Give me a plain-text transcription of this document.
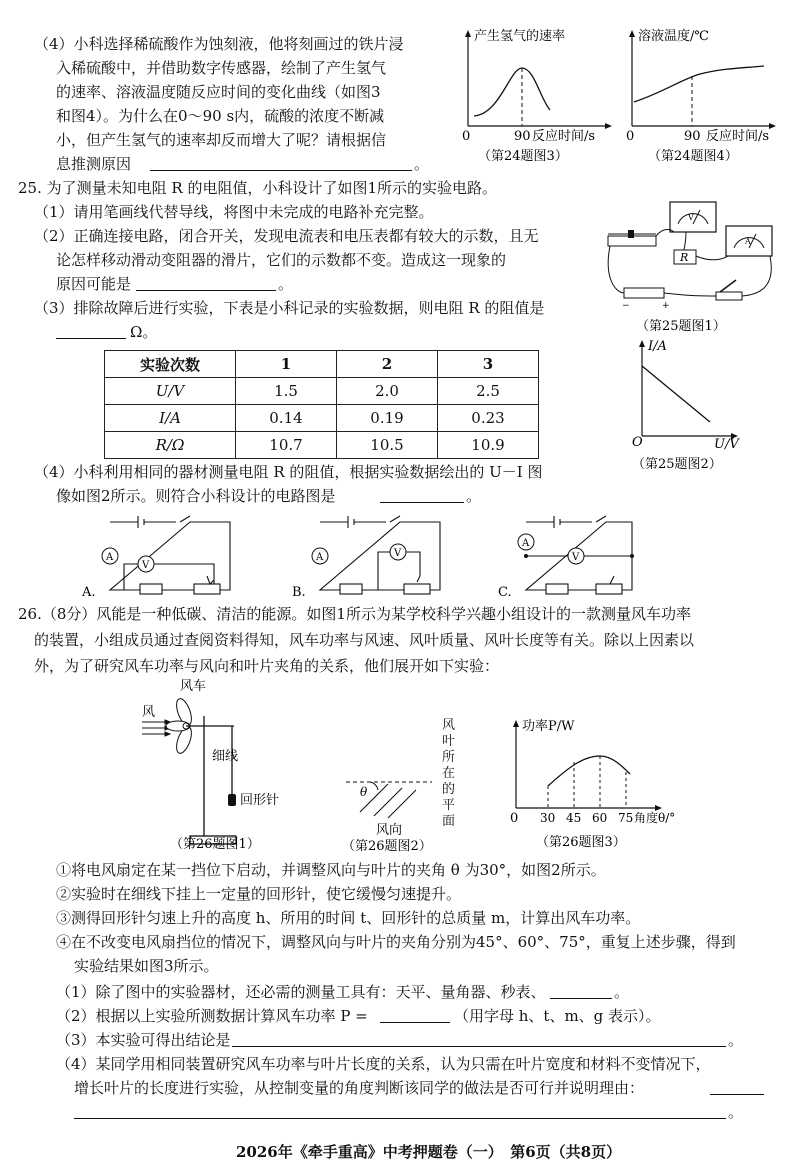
（4）小科选择稀硫酸作为蚀刻液，他将刻画过的铁片浸
入稀硫酸中，并借助数字传感器，绘制了产生氢气
的速率、溶液温度随反应时间的变化曲线（如图3
和图4）。为什么在0～90 s内，硫酸的浓度不断减
小，但产生氢气的速率却反而增大了呢？请根据信
息推测原因	。
产生氢气的速率
0	90 反应时间/s
（第24题图3）
溶液温度/℃
0	90 反应时间/s
（第24题图4）
25. 为了测量未知电阻 R 的电阻值，小科设计了如图1所示的实验电路。
（1）请用笔画线代替导线，将图中未完成的电路补充完整。
（2）正确连接电路，闭合开关，发现电流表和电压表都有较大的示数，且无
论怎样移动滑动变阻器的滑片，它们的示数都不变。造成这一现象的
原因可能是	。
（3）排除故障后进行实验，下表是小科记录的实验数据，则电阻 R 的阻值是
Ω。
V
A
R
−	+
（第25题图1）
I/A
O	U/V
（第25题图2）
实验次数	1	2	3
U/V	1.5	2.0	2.5
I/A	0.14	0.19	0.23
R/Ω	10.7	10.5	10.9
（4）小科利用相同的器材测量电阻 R 的阻值，根据实验数据绘出的 U－I 图
像如图2所示。则符合小科设计的电路图是	。
A
V
A.
A	V
B.
A
V
C.
26.（8分）风能是一种低碳、清洁的能源。如图1所示为某学校科学兴趣小组设计的一款测量风车功率
的装置，小组成员通过查阅资料得知，风车功率与风速、风叶质量、风叶长度等有关。除以上因素以
外，为了研究风车功率与风向和叶片夹角的关系，他们展开如下实验：
风车
风
细线
回形针
（第26题图1）
θ
风向
（第26题图2）
风叶所在的平面
功率P/W
0 30 45 60 75 角度θ/°
（第26题图3）
①将电风扇定在某一挡位下启动，并调整风向与叶片的夹角 θ 为30°，如图2所示。
②实验时在细线下挂上一定量的回形针，使它缓慢匀速提升。
③测得回形针匀速上升的高度 h、所用的时间 t、回形针的总质量 m，计算出风车功率。
④在不改变电风扇挡位的情况下，调整风向与叶片的夹角分别为45°、60°、75°，重复上述步骤，得到
实验结果如图3所示。
（1）除了图中的实验器材，还必需的测量工具有：天平、量角器、秒表、	。
（2）根据以上实验所测数据计算风车功率 P =	（用字母 h、t、m、g 表示）。
（3）本实验可得出结论是	。
（4）某同学用相同装置研究风车功率与叶片长度的关系，认为只需在叶片宽度和材料不变情况下，
增长叶片的长度进行实验，从控制变量的角度判断该同学的做法是否可行并说明理由：
。
2026年《牵手重高》中考押题卷（一）　第6页（共8页）
